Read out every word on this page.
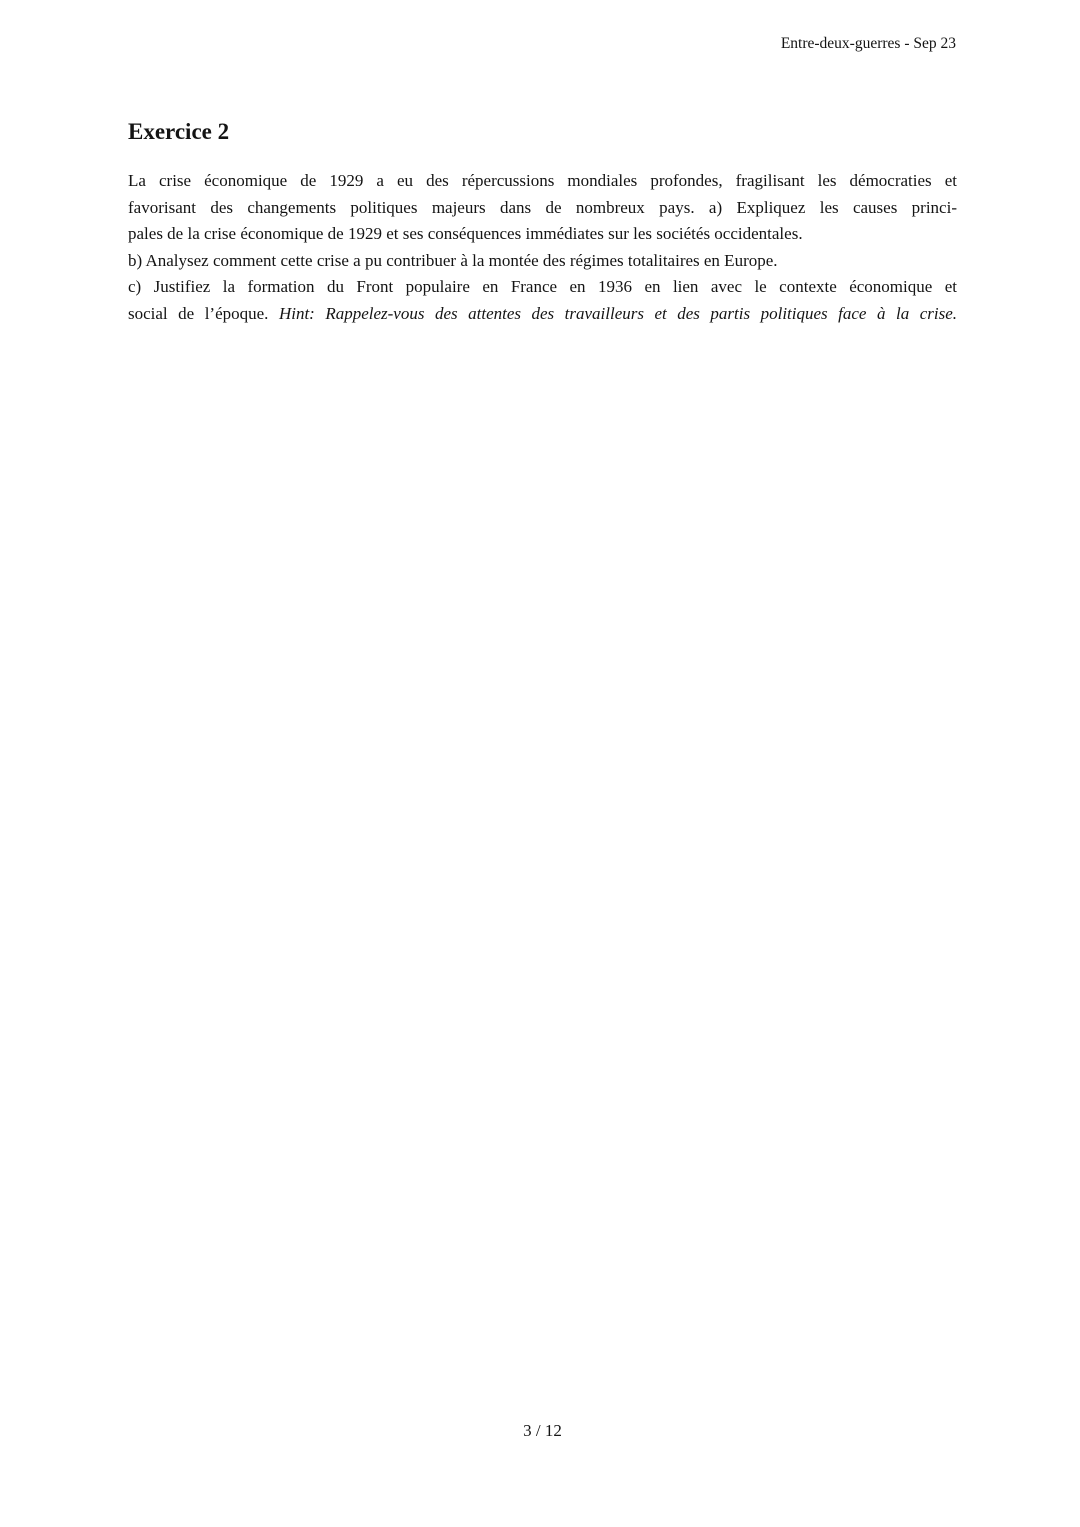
Entre-deux-guerres - Sep 23
Exercice 2
La crise économique de 1929 a eu des répercussions mondiales profondes, fragilisant les démocraties et
favorisant des changements politiques majeurs dans de nombreux pays. a) Expliquez les causes princi-
pales de la crise économique de 1929 et ses conséquences immédiates sur les sociétés occidentales.
b) Analysez comment cette crise a pu contribuer à la montée des régimes totalitaires en Europe.
c) Justifiez la formation du Front populaire en France en 1936 en lien avec le contexte économique et
social de l’époque. Hint: Rappelez-vous des attentes des travailleurs et des partis politiques face à la crise.
3 / 12
